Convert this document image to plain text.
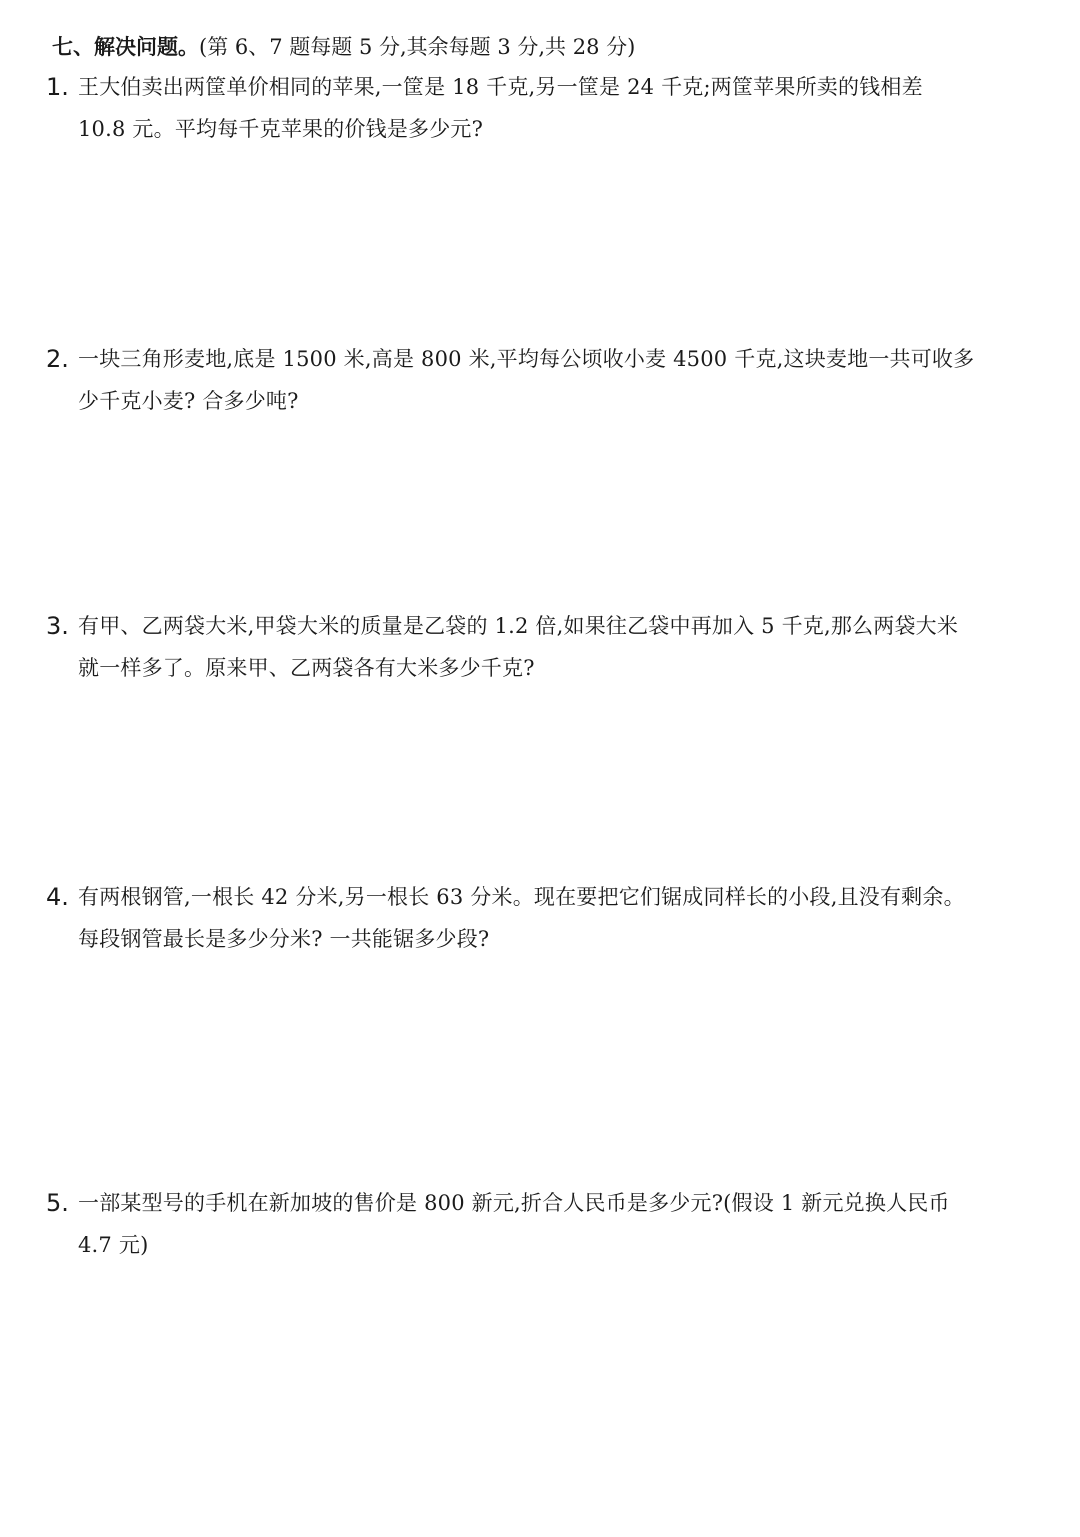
七、解决问题。(第 6、7 题每题 5 分,其余每题 3 分,共 28 分)
1. 王大伯卖出两筐单价相同的苹果,一筐是 18 千克,另一筐是 24 千克;两筐苹果所卖的钱相差
10.8 元。平均每千克苹果的价钱是多少元?
2. 一块三角形麦地,底是 1500 米,高是 800 米,平均每公顷收小麦 4500 千克,这块麦地一共可收多
少千克小麦? 合多少吨?
3. 有甲、乙两袋大米,甲袋大米的质量是乙袋的 1.2 倍,如果往乙袋中再加入 5 千克,那么两袋大米
就一样多了。原来甲、乙两袋各有大米多少千克?
4. 有两根钢管,一根长 42 分米,另一根长 63 分米。现在要把它们锯成同样长的小段,且没有剩余。
每段钢管最长是多少分米? 一共能锯多少段?
5. 一部某型号的手机在新加坡的售价是 800 新元,折合人民币是多少元?(假设 1 新元兑换人民币
4.7 元)
